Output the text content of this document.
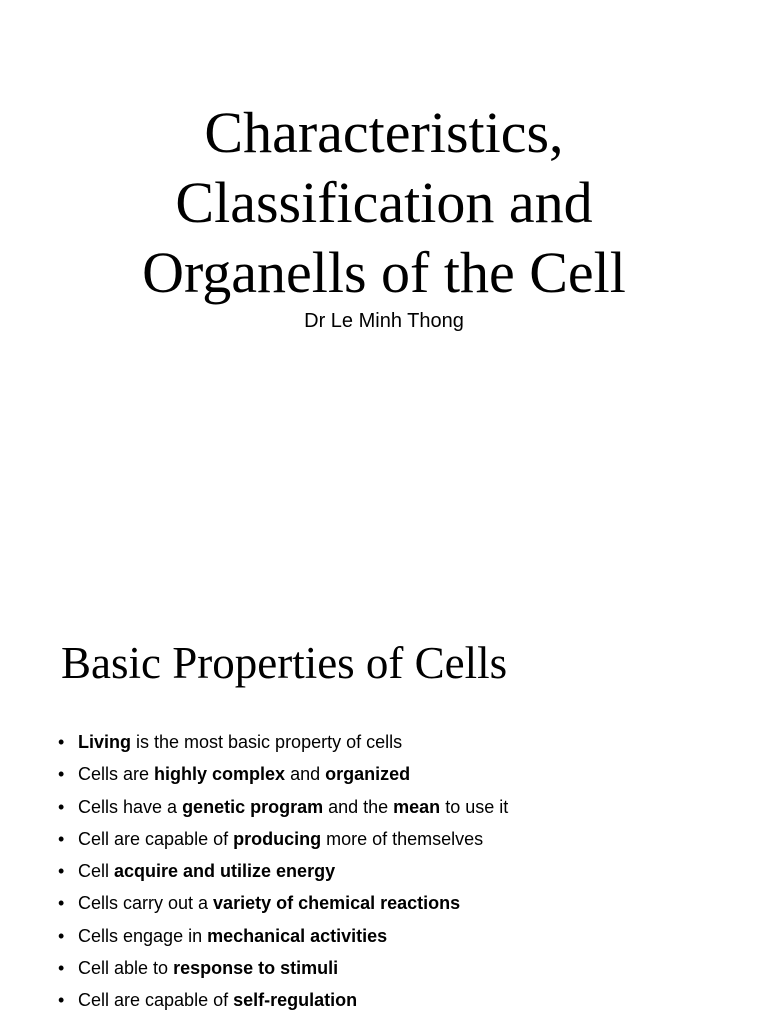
Characteristics,
Classification and
Organells of the Cell
Dr Le Minh Thong
Basic Properties of Cells
• Living is the most basic property of cells
• Cells are highly complex and organized
• Cells have a genetic program and the mean to use it
• Cell are capable of producing more of themselves
• Cell acquire and utilize energy
• Cells carry out a variety of chemical reactions
• Cells engage in mechanical activities
• Cell able to response to stimuli
• Cell are capable of self-regulation
